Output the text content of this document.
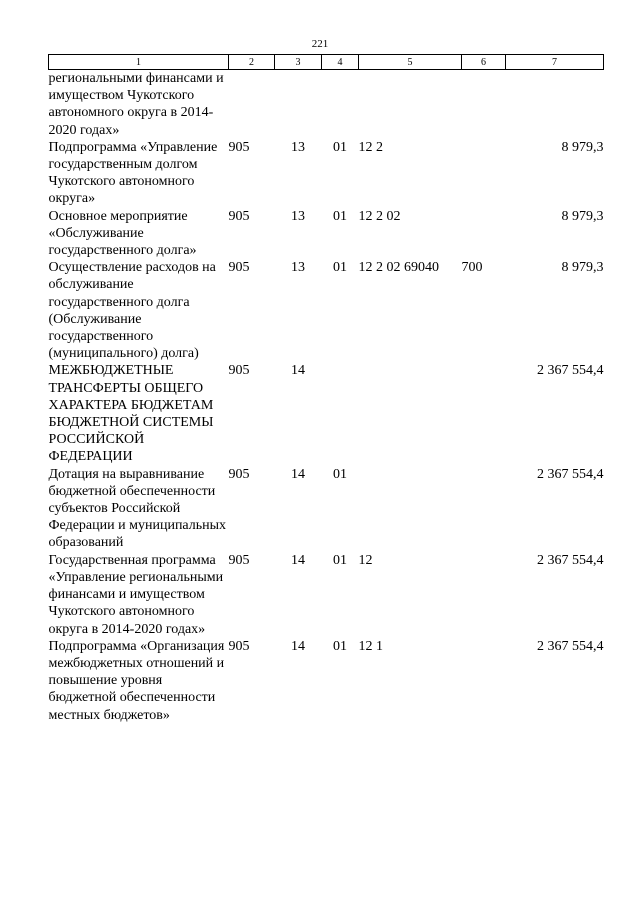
221
1	2	3	4	5	6	7
региональными финансами и имуществом Чукотского автономного округа в 2014-2020 годах»						
Подпрограмма «Управление государственным долгом Чукотского автономного округа»	905	13	01	12 2		8 979,3
Основное мероприятие «Обслуживание государственного долга»	905	13	01	12 2 02		8 979,3
Осуществление расходов на обслуживание государственного долга (Обслуживание государственного (муниципального) долга)	905	13	01	12 2 02 69040	700	8 979,3
МЕЖБЮДЖЕТНЫЕ ТРАНСФЕРТЫ ОБЩЕГО ХАРАКТЕРА БЮДЖЕТАМ БЮДЖЕТНОЙ СИСТЕМЫ РОССИЙСКОЙ ФЕДЕРАЦИИ	905	14				2 367 554,4
Дотация на выравнивание бюджетной обеспеченности субъектов Российской Федерации и муниципальных образований	905	14	01			2 367 554,4
Государственная программа «Управление региональными финансами и имуществом Чукотского автономного округа в 2014-2020 годах»	905	14	01	12		2 367 554,4
Подпрограмма «Организация межбюджетных отношений и повышение уровня бюджетной обеспеченности местных бюджетов»	905	14	01	12 1		2 367 554,4
